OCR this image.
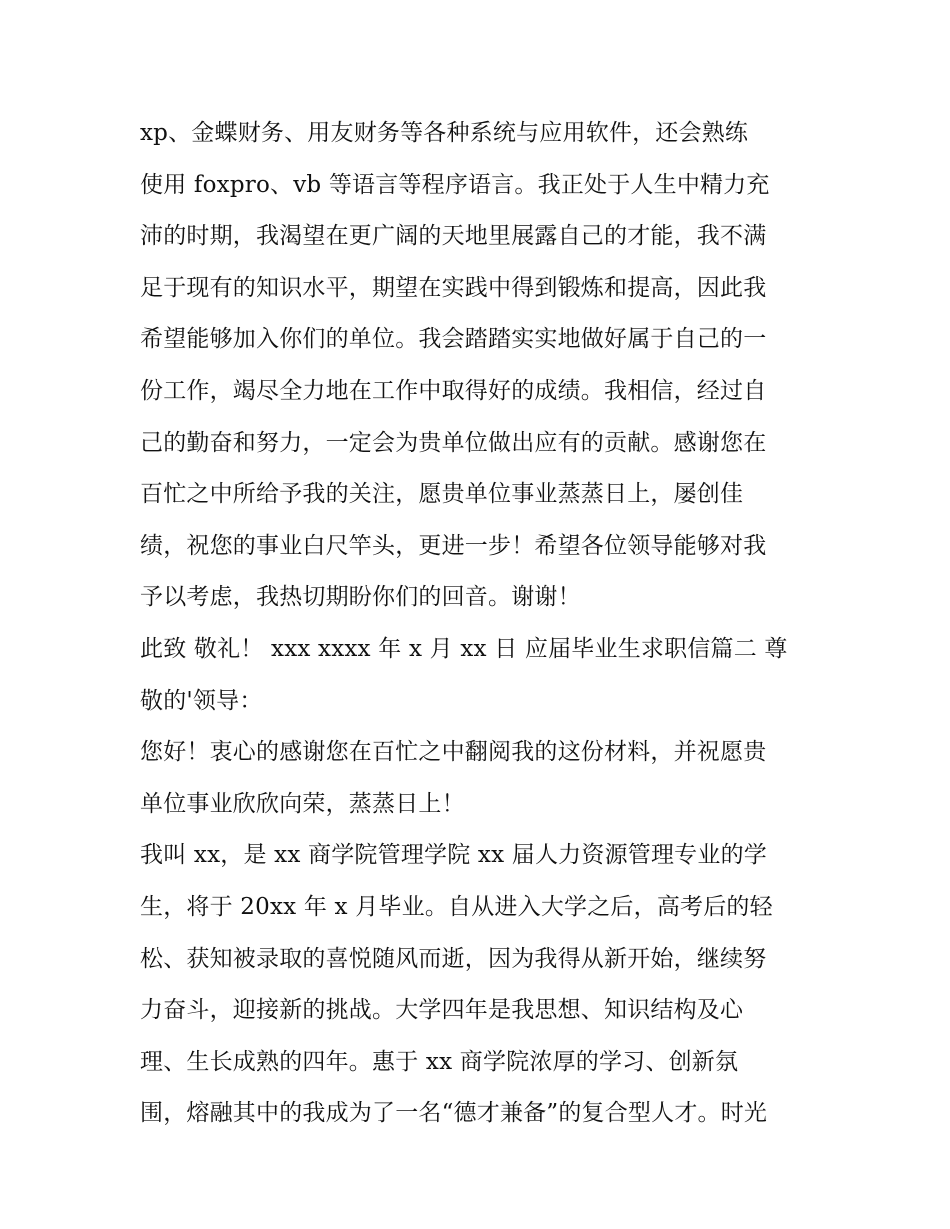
xp、金蝶财务、用友财务等各种系统与应用软件，还会熟练
使用 foxpro、vb 等语言等程序语言。我正处于人生中精力充
沛的时期，我渴望在更广阔的天地里展露自己的才能，我不满
足于现有的知识水平，期望在实践中得到锻炼和提高，因此我
希望能够加入你们的单位。我会踏踏实实地做好属于自己的一
份工作，竭尽全力地在工作中取得好的成绩。我相信，经过自
己的勤奋和努力，一定会为贵单位做出应有的贡献。感谢您在
百忙之中所给予我的关注，愿贵单位事业蒸蒸日上，屡创佳
绩，祝您的事业白尺竿头，更进一步！希望各位领导能够对我
予以考虑，我热切期盼你们的回音。谢谢！
此致 敬礼！ xxx xxxx 年 x 月 xx 日 应届毕业生求职信篇二 尊
敬的'领导：
您好！衷心的感谢您在百忙之中翻阅我的这份材料，并祝愿贵
单位事业欣欣向荣，蒸蒸日上！
我叫 xx，是 xx 商学院管理学院 xx 届人力资源管理专业的学
生，将于 20xx 年 x 月毕业。自从进入大学之后，高考后的轻
松、获知被录取的喜悦随风而逝，因为我得从新开始，继续努
力奋斗，迎接新的挑战。大学四年是我思想、知识结构及心
理、生长成熟的四年。惠于 xx 商学院浓厚的学习、创新氛
围，熔融其中的我成为了一名“德才兼备”的复合型人才。时光
